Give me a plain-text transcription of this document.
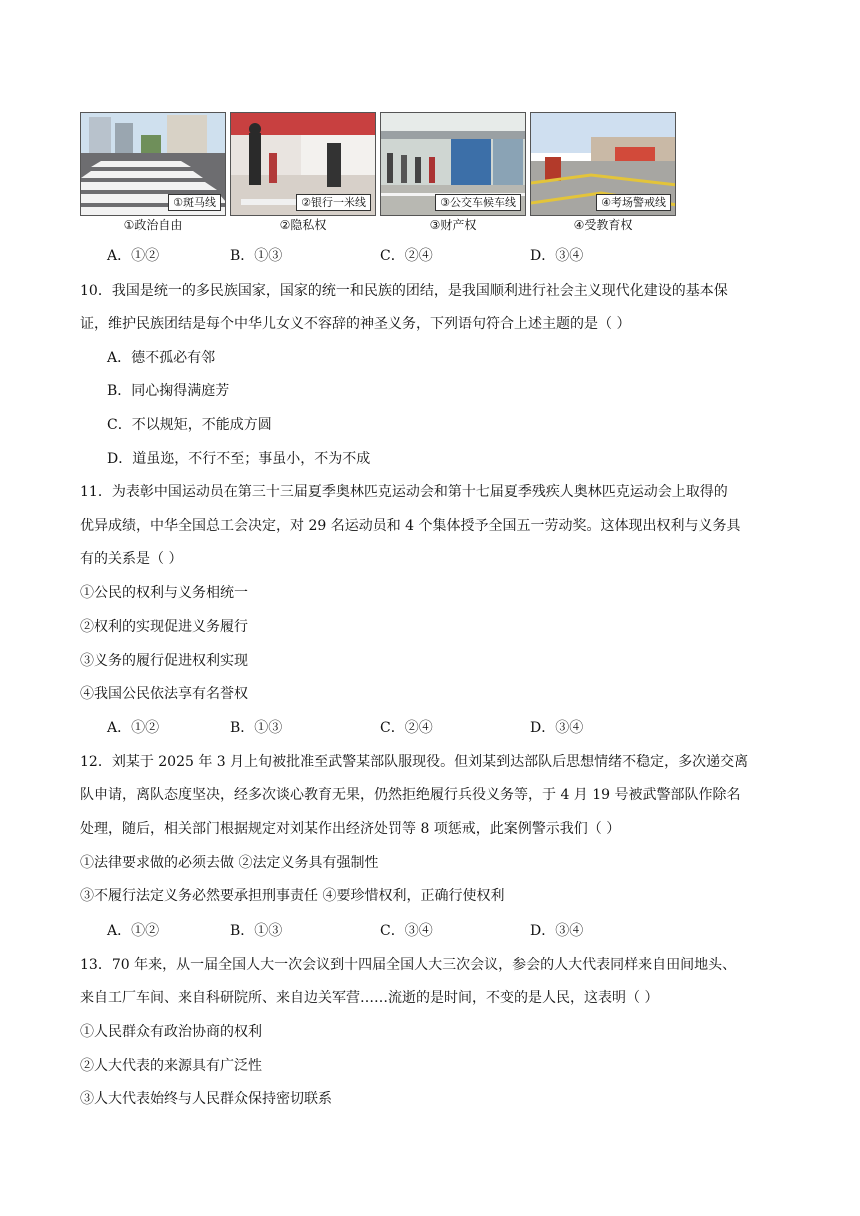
①斑马线
①政治自由
②银行一米线
②隐私权
③公交车候车线
③财产权
④考场警戒线
④受教育权
A．①②	B．①③	C．②④	D．③④
10．我国是统一的多民族国家，国家的统一和民族的团结，是我国顺利进行社会主义现代化建设的基本保
证，维护民族团结是每个中华儿女义不容辞的神圣义务，下列语句符合上述主题的是（ ）
A．德不孤必有邻
B．同心掬得满庭芳
C．不以规矩，不能成方圆
D．道虽迩，不行不至；事虽小，不为不成
11．为表彰中国运动员在第三十三届夏季奥林匹克运动会和第十七届夏季残疾人奥林匹克运动会上取得的
优异成绩，中华全国总工会决定，对 29 名运动员和 4 个集体授予全国五一劳动奖。这体现出权利与义务具
有的关系是（ ）
①公民的权利与义务相统一
②权利的实现促进义务履行
③义务的履行促进权利实现
④我国公民依法享有名誉权
A．①②	B．①③	C．②④	D．③④
12．刘某于 2025 年 3 月上旬被批准至武警某部队服现役。但刘某到达部队后思想情绪不稳定，多次递交离
队申请，离队态度坚决，经多次谈心教育无果，仍然拒绝履行兵役义务等，于 4 月 19 号被武警部队作除名
处理，随后，相关部门根据规定对刘某作出经济处罚等 8 项惩戒，此案例警示我们（ ）
①法律要求做的必须去做 ②法定义务具有强制性
③不履行法定义务必然要承担刑事责任 ④要珍惜权利，正确行使权利
A．①②	B．①③	C．③④	D．③④
13．70 年来，从一届全国人大一次会议到十四届全国人大三次会议，参会的人大代表同样来自田间地头、
来自工厂车间、来自科研院所、来自边关军营……流逝的是时间，不变的是人民，这表明（ ）
①人民群众有政治协商的权利
②人大代表的来源具有广泛性
③人大代表始终与人民群众保持密切联系
